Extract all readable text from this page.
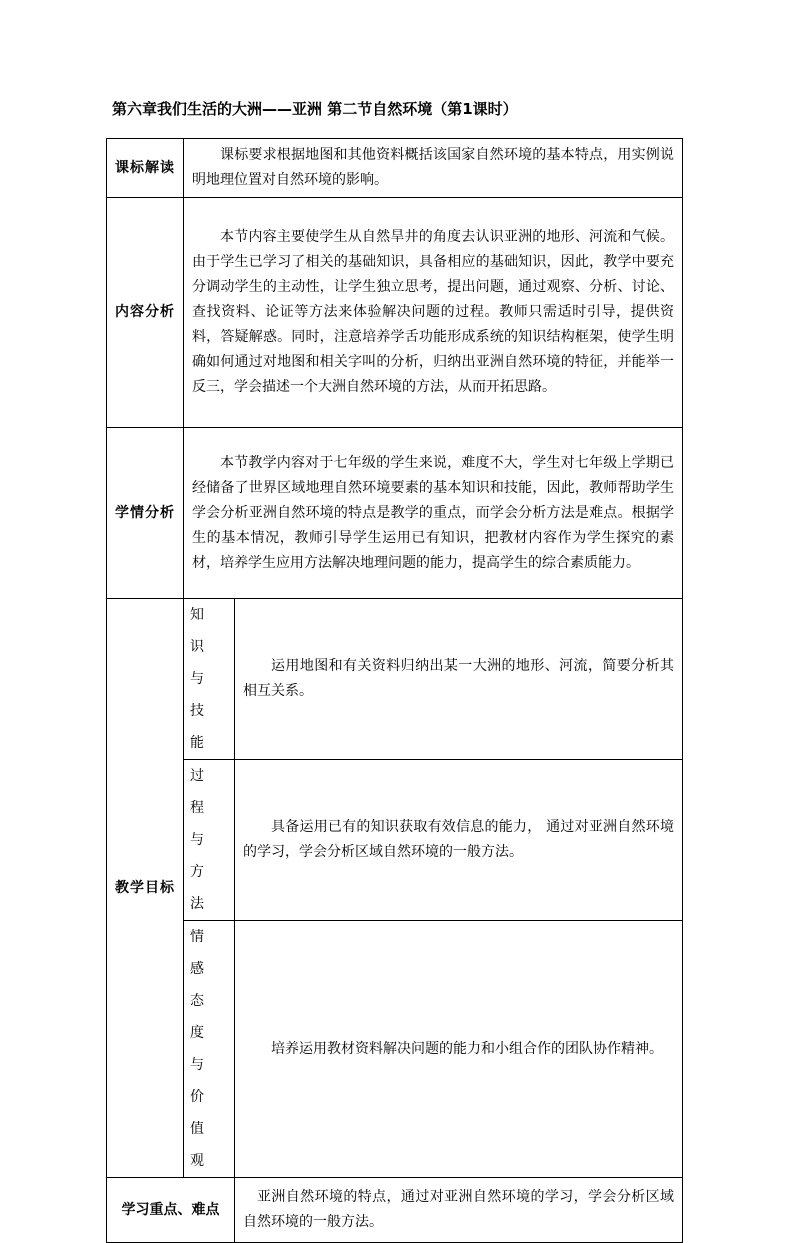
第六章我们生活的大洲——亚洲 第二节自然环境（第1课时）
课标解读	课标要求根据地图和其他资料概括该国家自然环境的基本特点，用实例说明地理位置对自然环境的影响。	
内容分析	本节内容主要使学生从自然旱井的角度去认识亚洲的地形、河流和气候。由于学生已学习了相关的基础知识，具备相应的基础知识，因此，教学中要充分调动学生的主动性，让学生独立思考，提出问题，通过观察、分析、讨论、查找资料、论证等方法来体验解决问题的过程。教师只需适时引导，提供资料，答疑解惑。同时，注意培养学舌功能形成系统的知识结构框架，使学生明确如何通过对地图和相关字叫的分析，归纳出亚洲自然环境的特征，并能举一反三，学会描述一个大洲自然环境的方法，从而开拓思路。	
学情分析	本节教学内容对于七年级的学生来说，难度不大，学生对七年级上学期已经储备了世界区域地理自然环境要素的基本知识和技能，因此，教师帮助学生学会分析亚洲自然环境的特点是教学的重点，而学会分析方法是难点。根据学生的基本情况，教师引导学生运用已有知识，把教材内容作为学生探究的素材，培养学生应用方法解决地理问题的能力，提高学生的综合素质能力。	
教学目标	知识与技能	运用地图和有关资料归纳出某一大洲的地形、河流，简要分析其相互关系。
	过程与方法	具备运用已有的知识获取有效信息的能力， 通过对亚洲自然环境的学习，学会分析区域自然环境的一般方法。
	情感态度与价值观	培养运用教材资料解决问题的能力和小组合作的团队协作精神。
学习重点、难点		亚洲自然环境的特点，通过对亚洲自然环境的学习，学会分析区域自然环境的一般方法。
